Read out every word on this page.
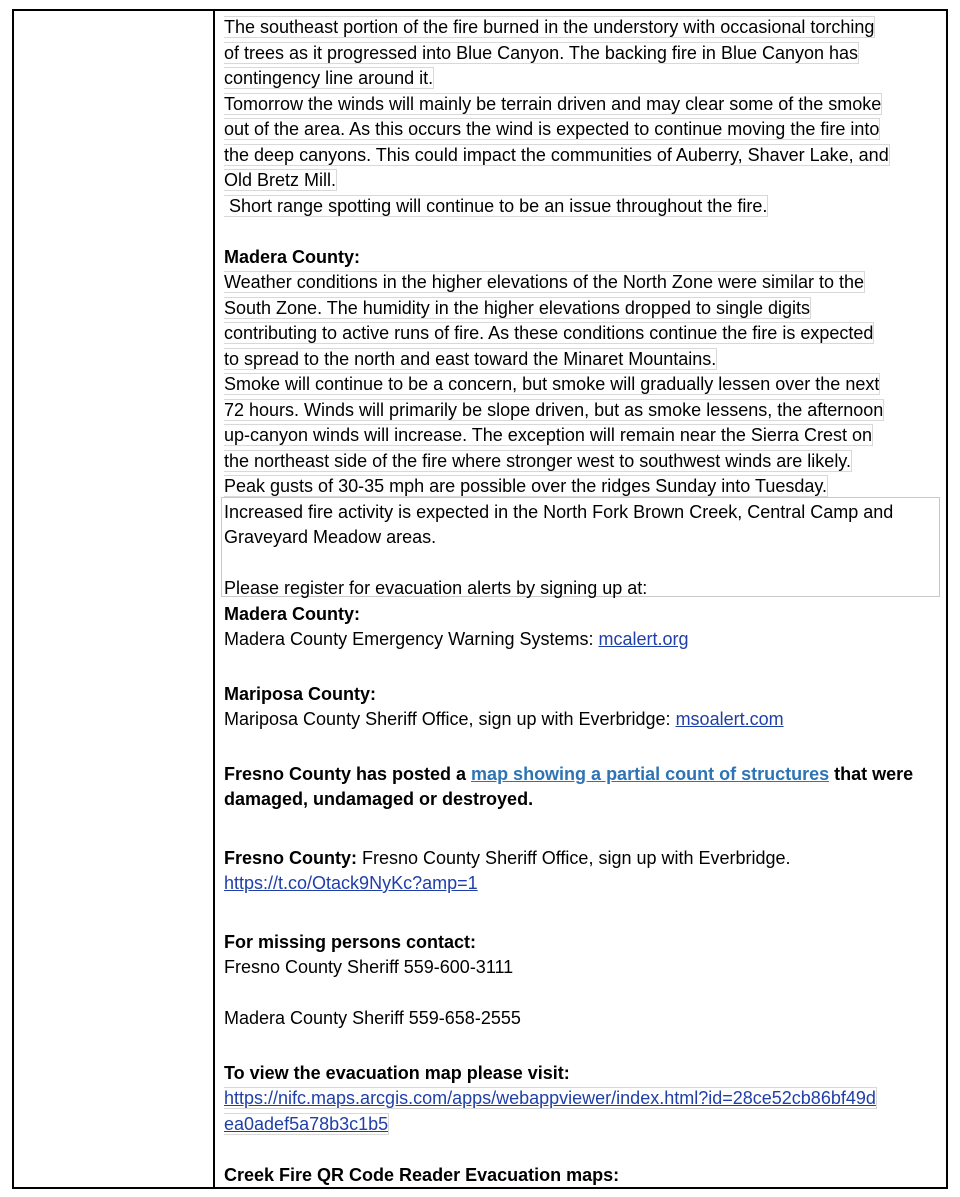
The southeast portion of the fire burned in the understory with occasional torching
of trees as it progressed into Blue Canyon. The backing fire in Blue Canyon has
contingency line around it.
Tomorrow the winds will mainly be terrain driven and may clear some of the smoke
out of the area. As this occurs the wind is expected to continue moving the fire into
the deep canyons. This could impact the communities of Auberry, Shaver Lake, and
Old Bretz Mill.
Short range spotting will continue to be an issue throughout the fire.
Madera County:
Weather conditions in the higher elevations of the North Zone were similar to the
South Zone. The humidity in the higher elevations dropped to single digits
contributing to active runs of fire. As these conditions continue the fire is expected
to spread to the north and east toward the Minaret Mountains.
Smoke will continue to be a concern, but smoke will gradually lessen over the next
72 hours. Winds will primarily be slope driven, but as smoke lessens, the afternoon
up-canyon winds will increase. The exception will remain near the Sierra Crest on
the northeast side of the fire where stronger west to southwest winds are likely.
Peak gusts of 30-35 mph are possible over the ridges Sunday into Tuesday.
Increased fire activity is expected in the North Fork Brown Creek, Central Camp and
Graveyard Meadow areas.
Please register for evacuation alerts by signing up at:
Madera County:
Madera County Emergency Warning Systems: mcalert.org
Mariposa County:
Mariposa County Sheriff Office, sign up with Everbridge: msoalert.com
Fresno County has posted a map showing a partial count of structures that were
damaged, undamaged or destroyed.
Fresno County: Fresno County Sheriff Office, sign up with Everbridge.
https://t.co/Otack9NyKc?amp=1
For missing persons contact:
Fresno County Sheriff 559-600-3111
Madera County Sheriff 559-658-2555
To view the evacuation map please visit:
https://nifc.maps.arcgis.com/apps/webappviewer/index.html?id=28ce52cb86bf49d
ea0adef5a78b3c1b5
Creek Fire QR Code Reader Evacuation maps:
